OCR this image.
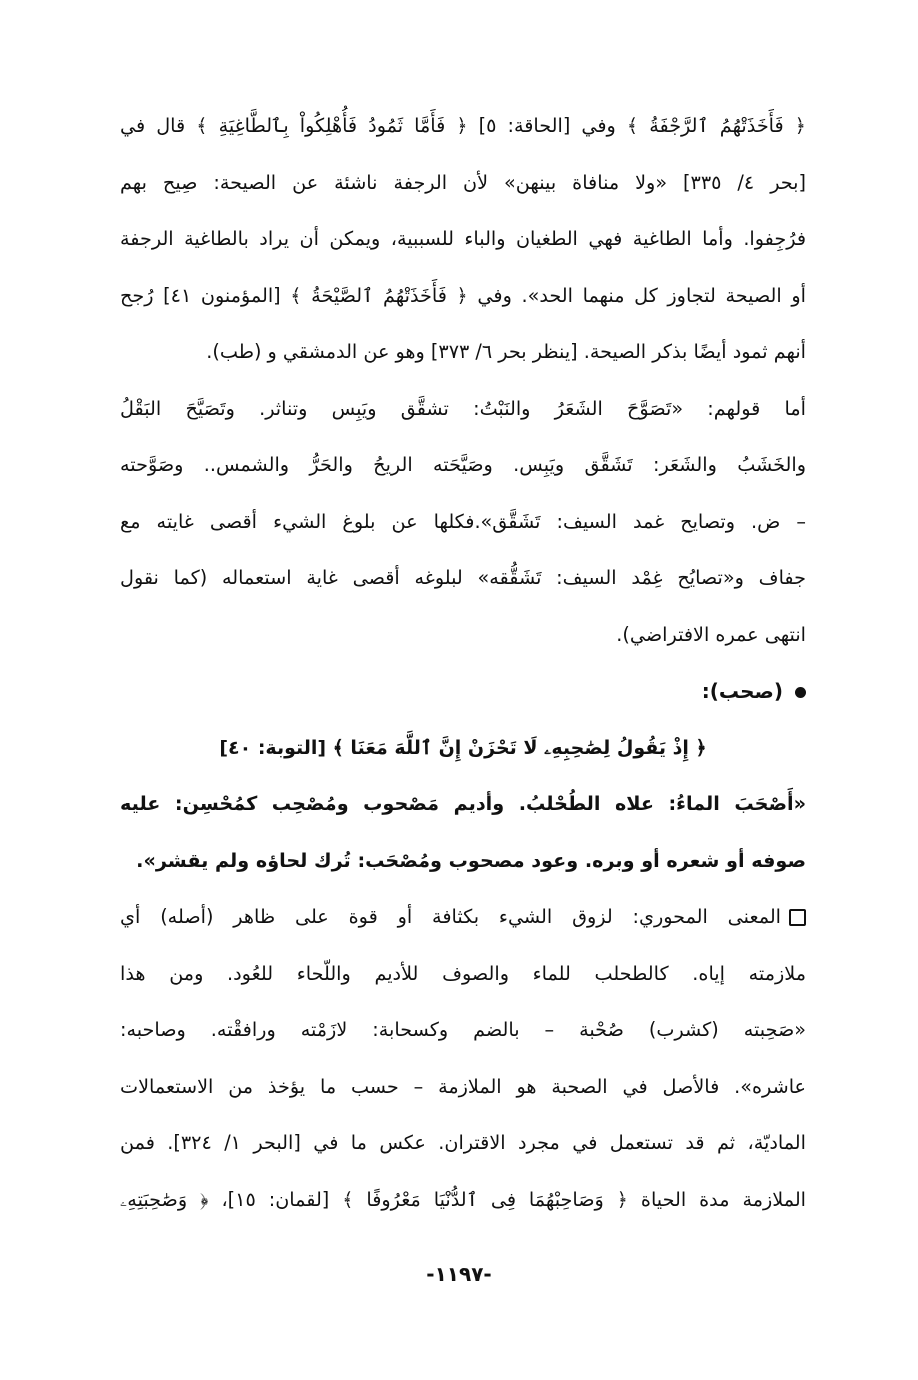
﴿ فَأَخَذَتْهُمُ ٱلرَّجْفَةُ ﴾ وفي [الحاقة: ٥] ﴿ فَأَمَّا ثَمُودُ فَأُهْلِكُواْ بِٱلطَّاغِيَةِ ﴾ قال في
[بحر ٤/ ٣٣٥] «ولا منافاة بينهن» لأن الرجفة ناشئة عن الصيحة: صِيح بهم
فرُجِفوا. وأما الطاغية فهي الطغيان والباء للسببية، ويمكن أن يراد بالطاغية الرجفة
أو الصيحة لتجاوز كل منهما الحد». وفي ﴿ فَأَخَذَتْهُمُ ٱلصَّيْحَةُ ﴾ [المؤمنون ٤١] رُجح
أنهم ثمود أيضًا بذكر الصيحة. [ينظر بحر ٦/ ٣٧٣] وهو عن الدمشقي و (طب).
أما قولهم: «تَصَوَّحَ الشَعَرُ والنَبْتُ: تشقَّق ويَبِس وتناثر. وتَصَيَّحَ البَقْلُ
والخَشَبُ والشَعَر: تَشَقَّق ويَبِس. وصَيَّحَته الريحُ والحَرُّ والشمس.. وصَوَّحته
– ض. وتصايح غمد السيف: تَشَقَّق».فكلها عن بلوغ الشيء أقصى غايته مع
جفاف و«تصايُح غِمْد السيف: تَشَقُّقه» لبلوغه أقصى غاية استعماله (كما نقول
انتهى عمره الافتراضي).
(صحب):
﴿ إِذْ يَقُولُ لِصَٰحِبِهِۦ لَا تَحْزَنْ إِنَّ ٱللَّهَ مَعَنَا ﴾ [التوبة: ٤٠]
«أَصْحَبَ الماءُ: علاه الطُحْلبُ. وأديم مَصْحوب ومُصْحِب كمُحْسِن: عليه
صوفه أو شعره أو وبره. وعود مصحوب ومُصْحَب: تُرك لحاؤه ولم يقشر».
المعنى المحوري: لزوق الشيء بكثافة أو قوة على ظاهر (أصله) أي
ملازمته إياه. كالطحلب للماء والصوف للأديم واللّحاء للعُود. ومن هذا
«صَحِبته (كشرب) صُحْبة – بالضم وكسحابة: لازَمْته ورافقْته. وصاحبه:
عاشره». فالأصل في الصحبة هو الملازمة – حسب ما يؤخذ من الاستعمالات
الماديّة، ثم قد تستعمل في مجرد الاقتران. عكس ما في [البحر ١/ ٣٢٤]. فمن
الملازمة مدة الحياة ﴿ وَصَاحِبْهُمَا فِى ٱلدُّنْيَا مَعْرُوفًا ﴾ [لقمان: ١٥]، ﴿ وَصَٰحِبَتِهِۦ
-١١٩٧-
